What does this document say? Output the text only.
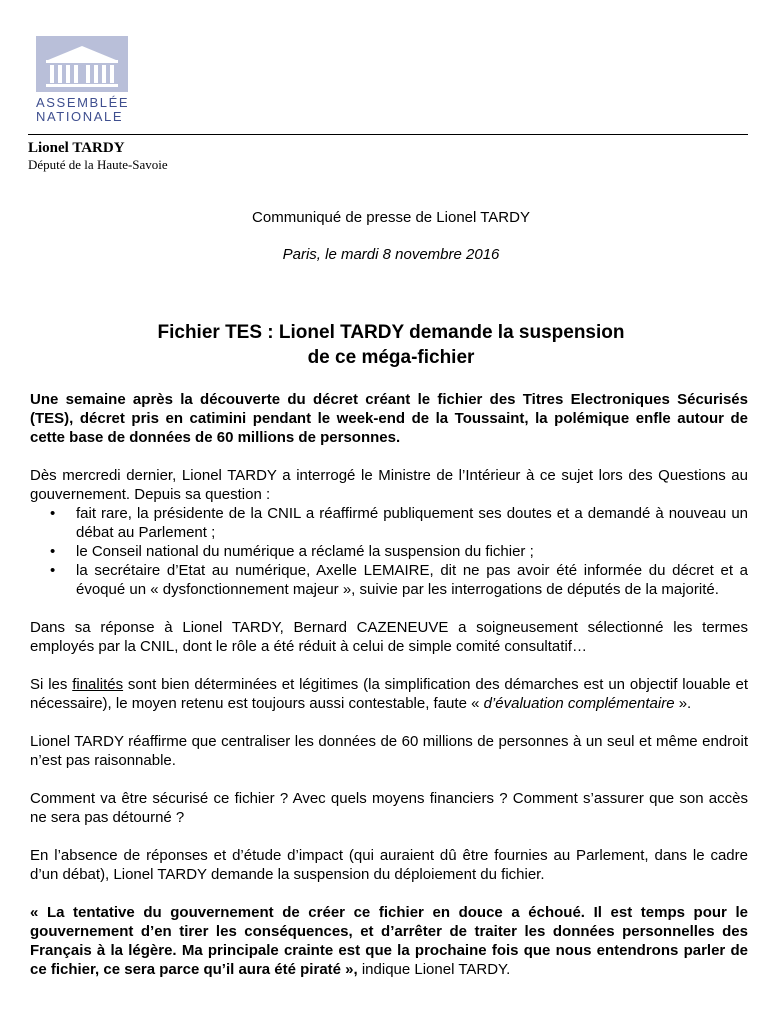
ASSEMBLÉE
NATIONALE
Lionel TARDY
Député de la Haute-Savoie
Communiqué de presse de Lionel TARDY
Paris, le mardi 8 novembre 2016
Fichier TES : Lionel TARDY demande la suspension
de ce méga-fichier

Une semaine après la découverte du décret créant le fichier des Titres Electroniques Sécurisés (TES), décret pris en catimini pendant le week-end de la Toussaint, la polémique enfle autour de cette base de données de 60 millions de personnes.

Dès mercredi dernier, Lionel TARDY a interrogé le Ministre de l’Intérieur à ce sujet lors des Questions au gouvernement. Depuis sa question :

• fait rare, la présidente de la CNIL a réaffirmé publiquement ses doutes et a demandé à nouveau un débat au Parlement ;
• le Conseil national du numérique a réclamé la suspension du fichier ;
• la secrétaire d’Etat au numérique, Axelle LEMAIRE, dit ne pas avoir été informée du décret et a évoqué un « dysfonctionnement majeur », suivie par les interrogations de députés de la majorité.

Dans sa réponse à Lionel TARDY, Bernard CAZENEUVE a soigneusement sélectionné les termes employés par la CNIL, dont le rôle a été réduit à celui de simple comité consultatif…

Si les finalités sont bien déterminées et légitimes (la simplification des démarches est un objectif louable et nécessaire), le moyen retenu est toujours aussi contestable, faute « d’évaluation complémentaire ».

Lionel TARDY réaffirme que centraliser les données de 60 millions de personnes à un seul et même endroit n’est pas raisonnable.

Comment va être sécurisé ce fichier ? Avec quels moyens financiers ? Comment s’assurer que son accès ne sera pas détourné ?

En l’absence de réponses et d’étude d’impact (qui auraient dû être fournies au Parlement, dans le cadre d’un débat), Lionel TARDY demande la suspension du déploiement du fichier.

« La tentative du gouvernement de créer ce fichier en douce a échoué. Il est temps pour le gouvernement d’en tirer les conséquences, et d’arrêter de traiter les données personnelles des Français à la légère. Ma principale crainte est que la prochaine fois que nous entendrons parler de ce fichier, ce sera parce qu’il aura été piraté », indique Lionel TARDY.
